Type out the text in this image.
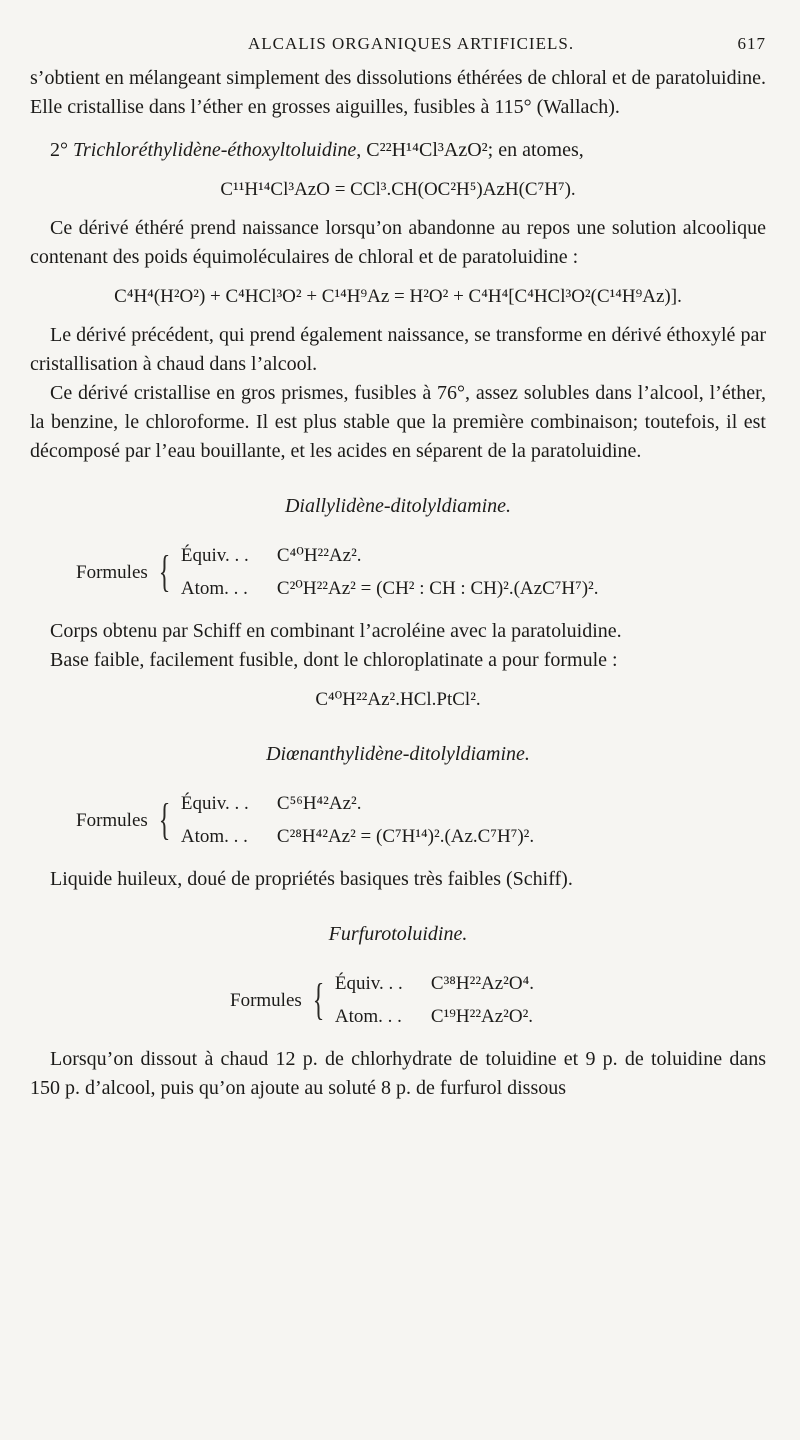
ALCALIS ORGANIQUES ARTIFICIELS.	617

s’obtient en mélangeant simplement des dissolutions éthérées de chloral et de paratoluidine. Elle cristallise dans l’éther en grosses aiguilles, fusibles à 115° (Wallach).

2° Trichloréthylidène-éthoxyltoluidine, C²²H¹⁴Cl³AzO²; en atomes,

C¹¹H¹⁴Cl³AzO = CCl³.CH(OC²H⁵)AzH(C⁷H⁷).

Ce dérivé éthéré prend naissance lorsqu’on abandonne au repos une solution alcoolique contenant des poids équimoléculaires de chloral et de paratoluidine :

C⁴H⁴(H²O²) + C⁴HCl³O² + C¹⁴H⁹Az = H²O² + C⁴H⁴[C⁴HCl³O²(C¹⁴H⁹Az)].

Le dérivé précédent, qui prend également naissance, se transforme en dérivé éthoxylé par cristallisation à chaud dans l’alcool.

Ce dérivé cristallise en gros prismes, fusibles à 76°, assez solubles dans l’alcool, l’éther, la benzine, le chloroforme. Il est plus stable que la première combinaison; toutefois, il est décomposé par l’eau bouillante, et les acides en séparent de la paratoluidine.

Diallylidène-ditolyldiamine.
Formules { Équiv. . .	C⁴⁰H²²Az².
Atom. . .	C²⁰H²²Az² = (CH² : CH : CH)².(AzC⁷H⁷)².

Corps obtenu par Schiff en combinant l’acroléine avec la paratoluidine.

Base faible, facilement fusible, dont le chloroplatinate a pour formule :

C⁴⁰H²²Az².HCl.PtCl².
Diœnanthylidène-ditolyldiamine.
Formules { Équiv. . .	C⁵⁶H⁴²Az².
Atom. . .	C²⁸H⁴²Az² = (C⁷H¹⁴)².(Az.C⁷H⁷)².

Liquide huileux, doué de propriétés basiques très faibles (Schiff).

Furfurotoluidine.
Formules { Équiv. . .	C³⁸H²²Az²O⁴.
Atom. . .	C¹⁹H²²Az²O².

Lorsqu’on dissout à chaud 12 p. de chlorhydrate de toluidine et 9 p. de toluidine dans 150 p. d’alcool, puis qu’on ajoute au soluté 8 p. de furfurol dissous
